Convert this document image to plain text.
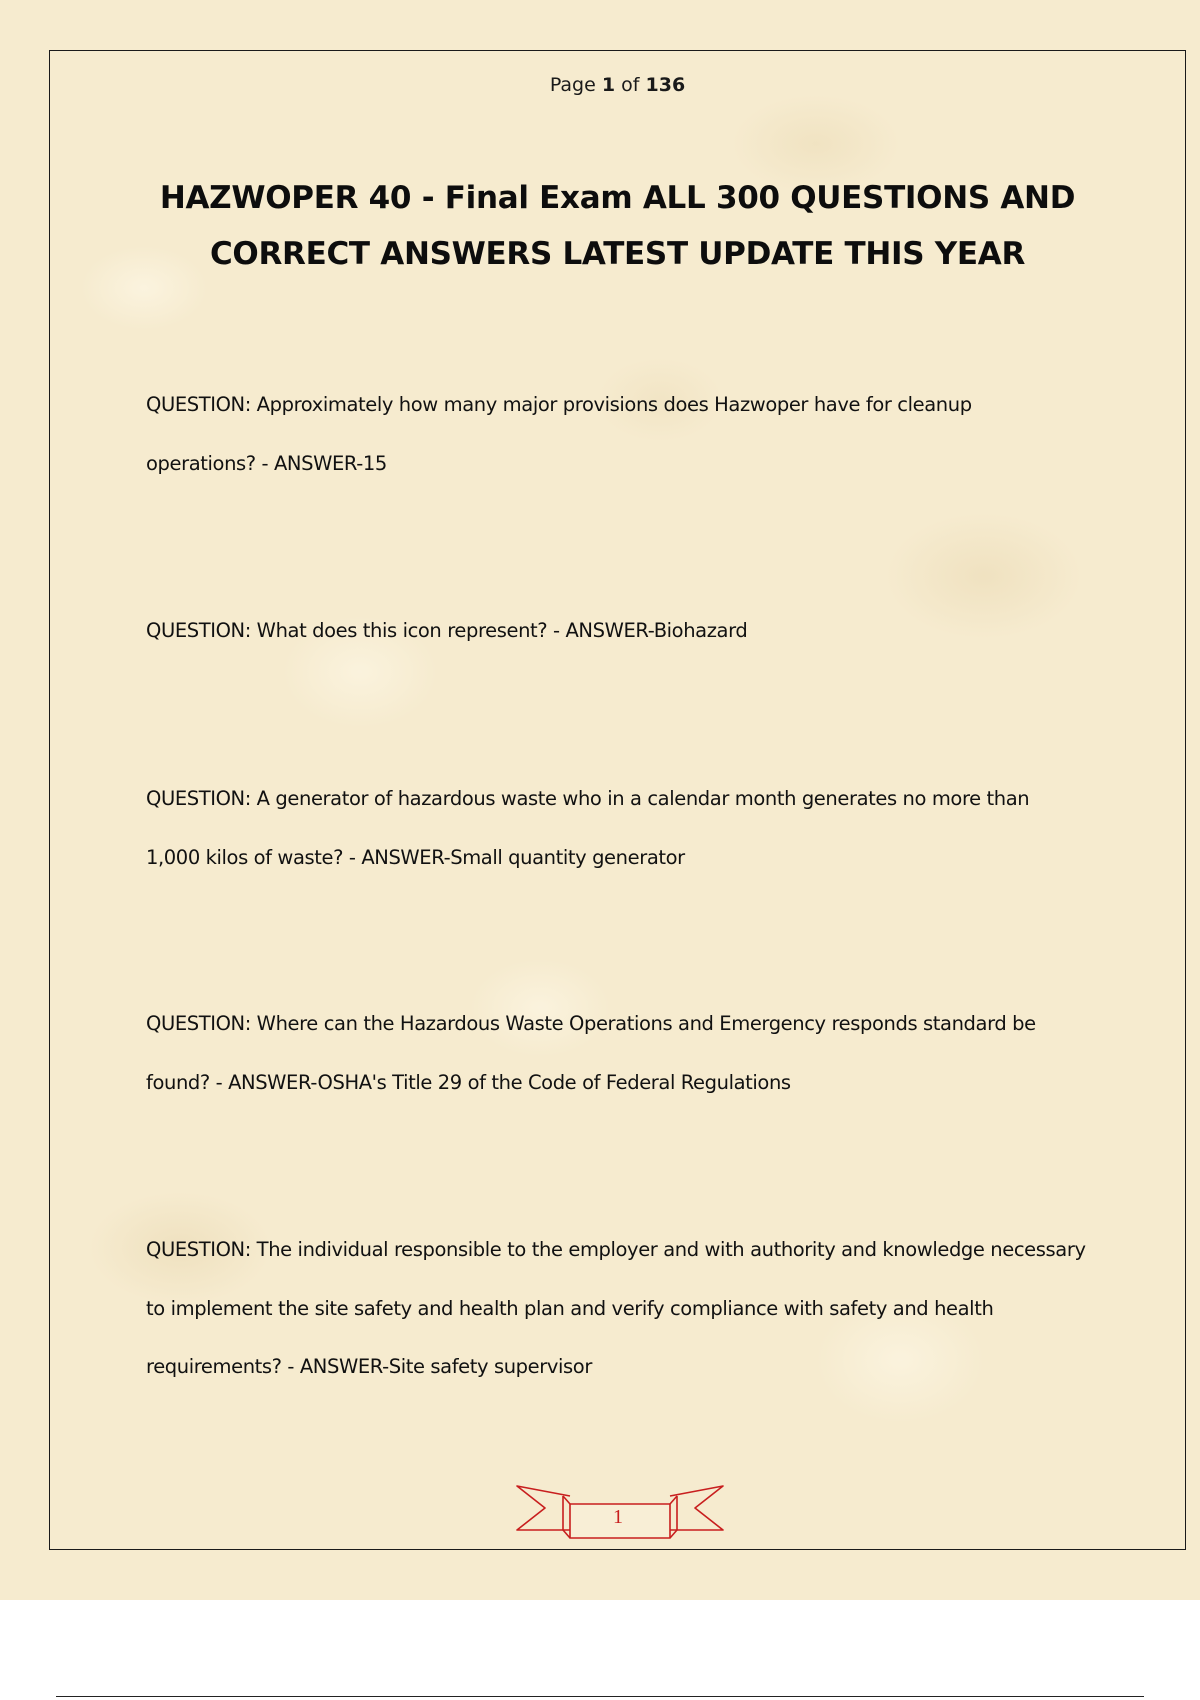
Page 1 of 136
HAZWOPER 40 - Final Exam ALL 300 QUESTIONS AND CORRECT ANSWERS LATEST UPDATE THIS YEAR
QUESTION: Approximately how many major provisions does Hazwoper have for cleanup operations? - ANSWER-15
QUESTION: What does this icon represent? - ANSWER-Biohazard
QUESTION: A generator of hazardous waste who in a calendar month generates no more than 1,000 kilos of waste? - ANSWER-Small quantity generator
QUESTION: Where can the Hazardous Waste Operations and Emergency responds standard be found? - ANSWER-OSHA's Title 29 of the Code of Federal Regulations
QUESTION: The individual responsible to the employer and with authority and knowledge necessary to implement the site safety and health plan and verify compliance with safety and health requirements? - ANSWER-Site safety supervisor
1
